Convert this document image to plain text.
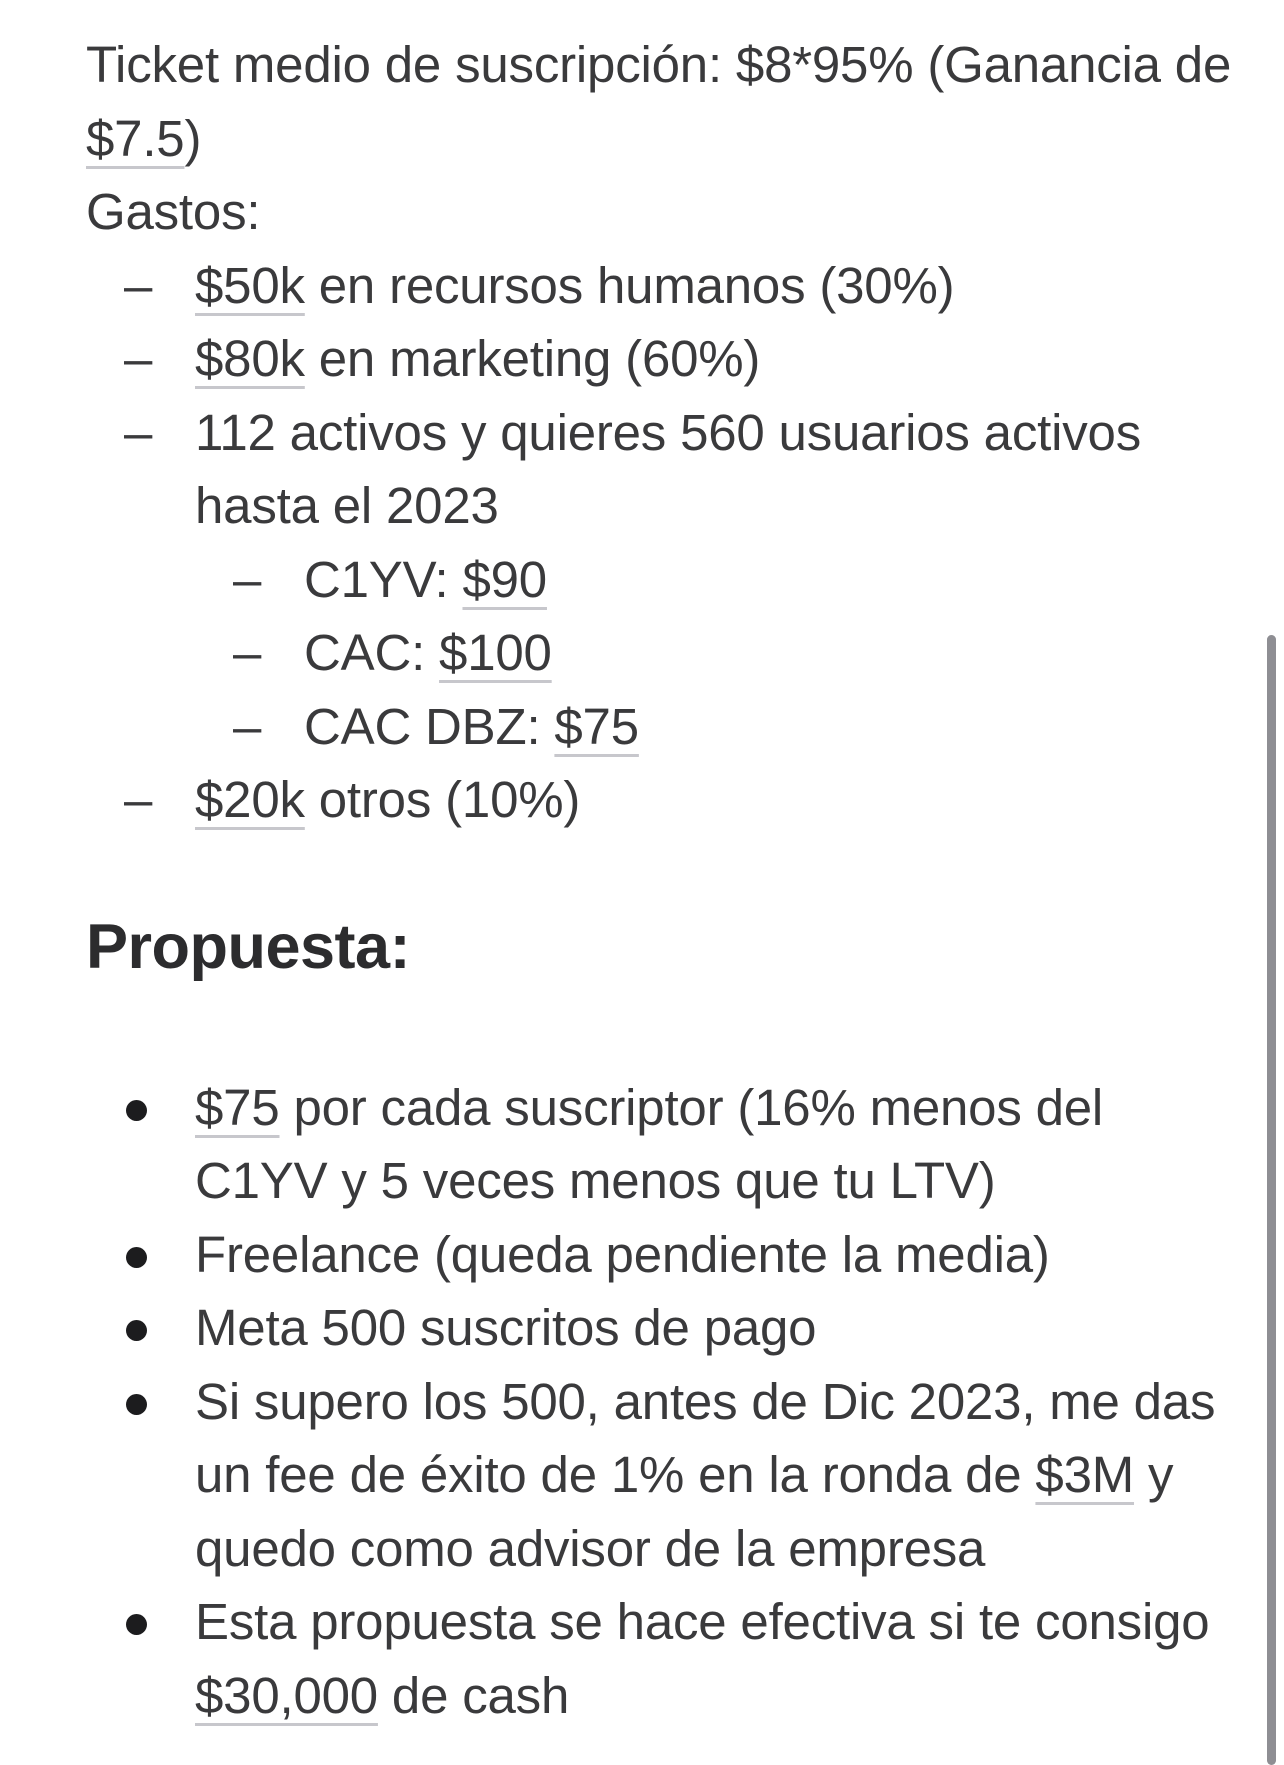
Ticket medio de suscripción: $8*95% (Ganancia de $7.5)

Gastos:

– $50k en recursos humanos (30%)
– $80k en marketing (60%)
– 112 activos y quieres 560 usuarios activos hasta el 2023
– C1YV: $90
– CAC: $100
– CAC DBZ: $75
– $20k otros (10%)
Propuesta:
$75 por cada suscriptor (16% menos del C1YV y 5 veces menos que tu LTV)
Freelance (queda pendiente la media)
Meta 500 suscritos de pago
Si supero los 500, antes de Dic 2023, me das un fee de éxito de 1% en la ronda de $3M y quedo como advisor de la empresa
Esta propuesta se hace efectiva si te consigo $30,000 de cash
